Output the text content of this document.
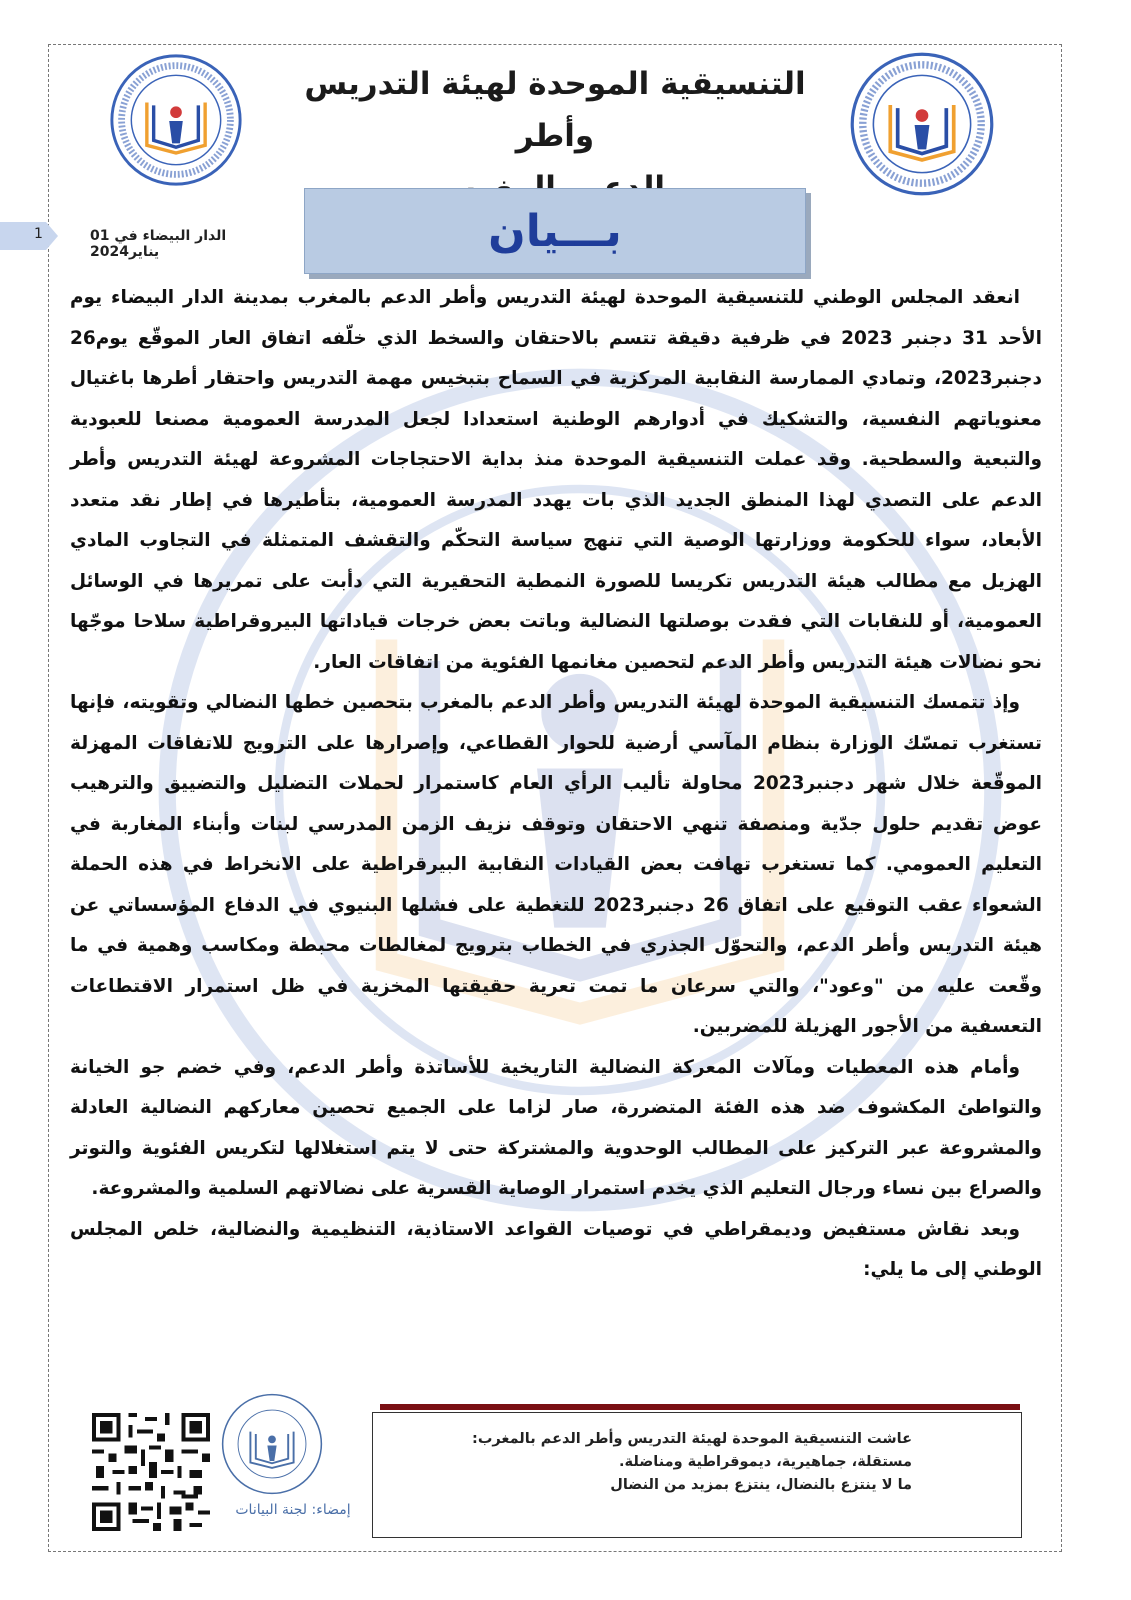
التنسيقية الموحدة لهيئة التدريس وأطر
1	الدار البيضاء في 01 يناير2024	بـــيان

انعقد المجلس الوطني للتنسيقية الموحدة لهيئة التدريس وأطر الدعم بالمغرب بمدينة الدار البيضاء يوم الأحد 31 دجنبر 2023 في ظرفية دقيقة تتسم بالاحتقان والسخط الذي خلّفه اتفاق العار الموقّع يوم26 دجنبر2023، وتمادي الممارسة النقابية المركزية في السماح بتبخيس مهمة التدريس واحتقار أطرها باغتيال معنوياتهم النفسية، والتشكيك في أدوارهم الوطنية استعدادا لجعل المدرسة العمومية مصنعا للعبودية والتبعية والسطحية. وقد عملت التنسيقية الموحدة منذ بداية الاحتجاجات المشروعة لهيئة التدريس وأطر الدعم على التصدي لهذا المنطق الجديد الذي بات يهدد المدرسة العمومية، بتأطيرها في إطار نقد متعدد الأبعاد، سواء للحكومة ووزارتها الوصية التي تنهج سياسة التحكّم والتقشف المتمثلة في التجاوب المادي الهزيل مع مطالب هيئة التدريس تكريسا للصورة النمطية التحقيرية التي دأبت على تمريرها في الوسائل العمومية، أو للنقابات التي فقدت بوصلتها النضالية وباتت بعض خرجات قياداتها البيروقراطية سلاحا موجّها نحو نضالات هيئة التدريس وأطر الدعم لتحصين مغانمها الفئوية من اتفاقات العار.

وإذ تتمسك التنسيقية الموحدة لهيئة التدريس وأطر الدعم بالمغرب بتحصين خطها النضالي وتقويته، فإنها تستغرب تمسّك الوزارة بنظام المآسي أرضية للحوار القطاعي، وإصرارها على الترويج للاتفاقات المهزلة الموقّعة خلال شهر دجنبر2023 محاولة تأليب الرأي العام كاستمرار لحملات التضليل والتضييق والترهيب عوض تقديم حلول جدّية ومنصفة تنهي الاحتقان وتوقف نزيف الزمن المدرسي لبنات وأبناء المغاربة في التعليم العمومي. كما تستغرب تهافت بعض القيادات النقابية البيرقراطية على الانخراط في هذه الحملة الشعواء عقب التوقيع على اتفاق 26 دجنبر2023 للتغطية على فشلها البنيوي في الدفاع المؤسساتي عن هيئة التدريس وأطر الدعم، والتحوّل الجذري في الخطاب بترويج لمغالطات محبطة ومكاسب وهمية في ما وقّعت عليه من "وعود"، والتي سرعان ما تمت تعرية حقيقتها المخزية في ظل استمرار الاقتطاعات التعسفية من الأجور الهزيلة للمضربين.

وأمام هذه المعطيات ومآلات المعركة النضالية التاريخية للأساتذة وأطر الدعم، وفي خضم جو الخيانة والتواطئ المكشوف ضد هذه الفئة المتضررة، صار لزاما على الجميع تحصين معاركهم النضالية العادلة والمشروعة عبر التركيز على المطالب الوحدوية والمشتركة حتى لا يتم استغلالها لتكريس الفئوية والتوتر والصراع بين نساء ورجال التعليم الذي يخدم استمرار الوصاية القسرية على نضالاتهم السلمية والمشروعة.

وبعد نقاش مستفيض وديمقراطي في توصيات القواعد الاستاذية، التنظيمية والنضالية، خلص المجلس الوطني إلى ما يلي:

إمضاء: لجنة البيانات
عاشت التنسيقية الموحدة لهيئة التدريس وأطر الدعم بالمغرب:
مستقلة، جماهيرية، ديموقراطية ومناضلة.
ما لا ينتزع بالنضال، ينتزع بمزيد من النضال
